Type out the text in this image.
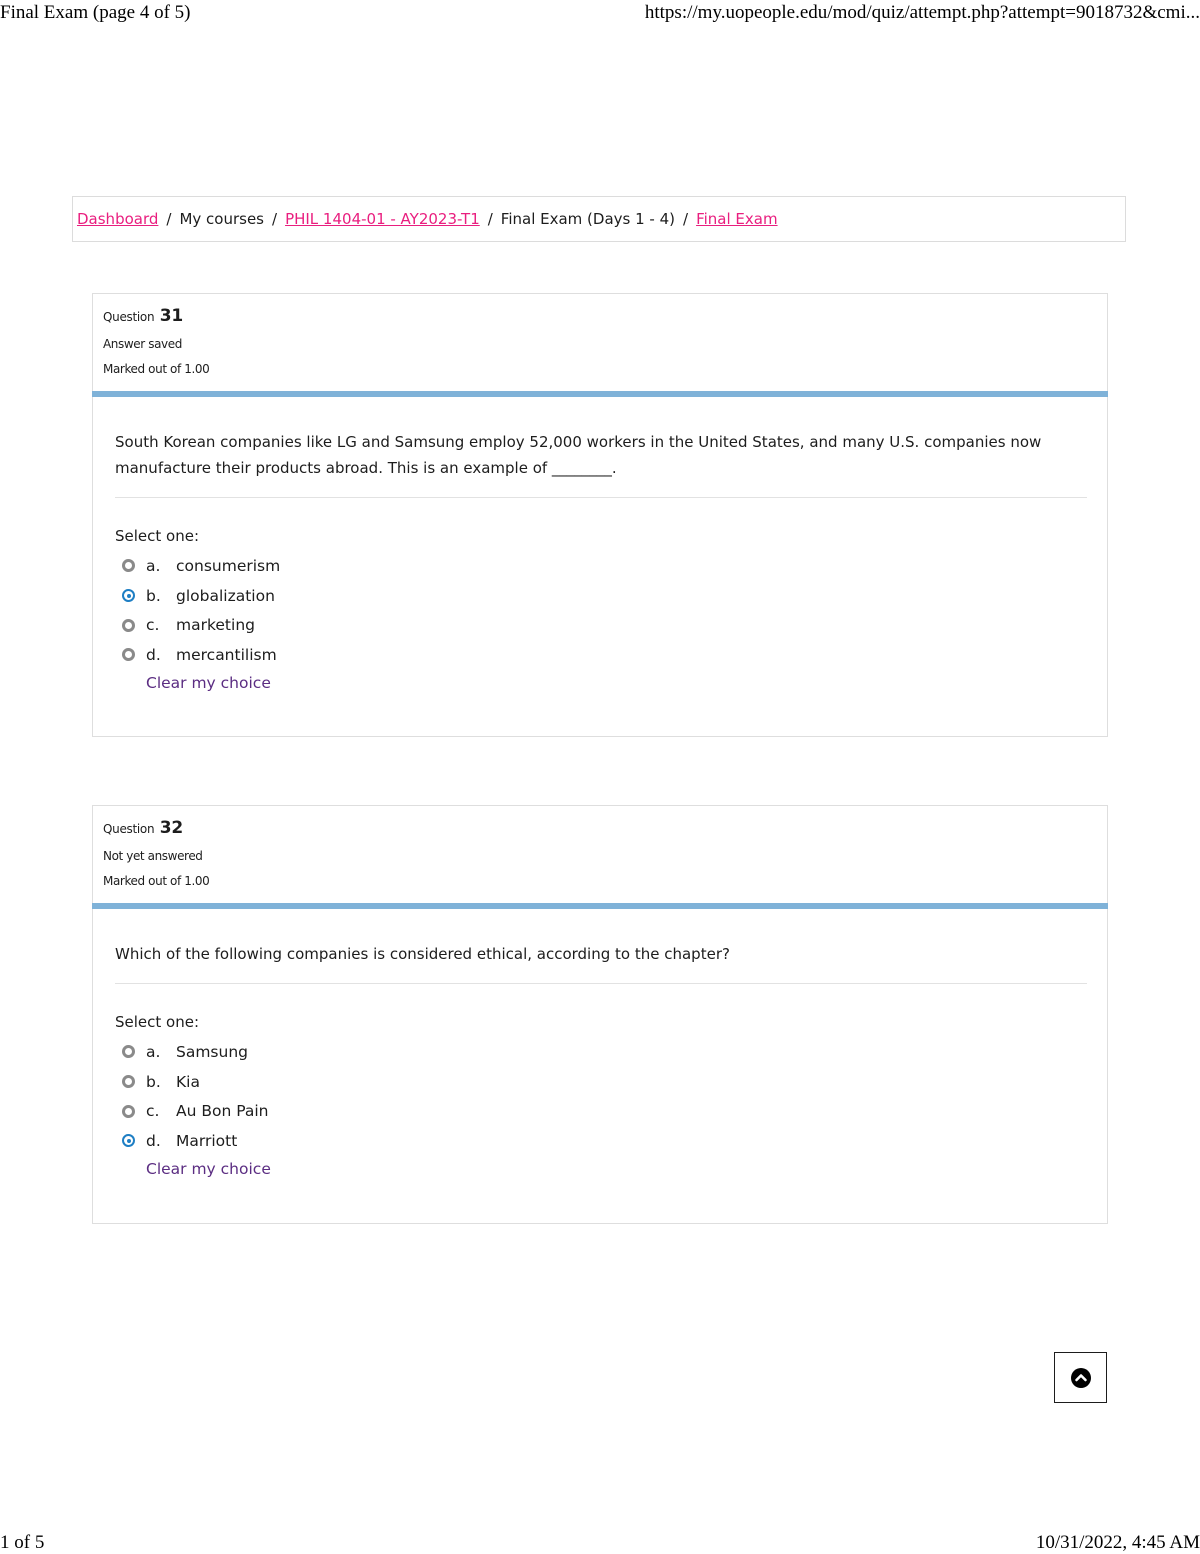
Final Exam (page 4 of 5)	https://my.uopeople.edu/mod/quiz/attempt.php?attempt=9018732&cmi...
Dashboard / My courses / PHIL 1404-01 - AY2023-T1 / Final Exam (Days 1 - 4) / Final Exam
Question 31
Answer saved
Marked out of 1.00
South Korean companies like LG and Samsung employ 52,000 workers in the United States, and many U.S. companies now manufacture their products abroad. This is an example of ________.
Select one:
a.	consumerism
b. globalization
c.	marketing
d. mercantilism
Clear my choice
Question 32
Not yet answered
Marked out of 1.00
Which of the following companies is considered ethical, according to the chapter?
Select one:
a.	Samsung
b. Kia
c.	Au Bon Pain
d. Marriott
Clear my choice
1 of 5	10/31/2022, 4:45 AM
